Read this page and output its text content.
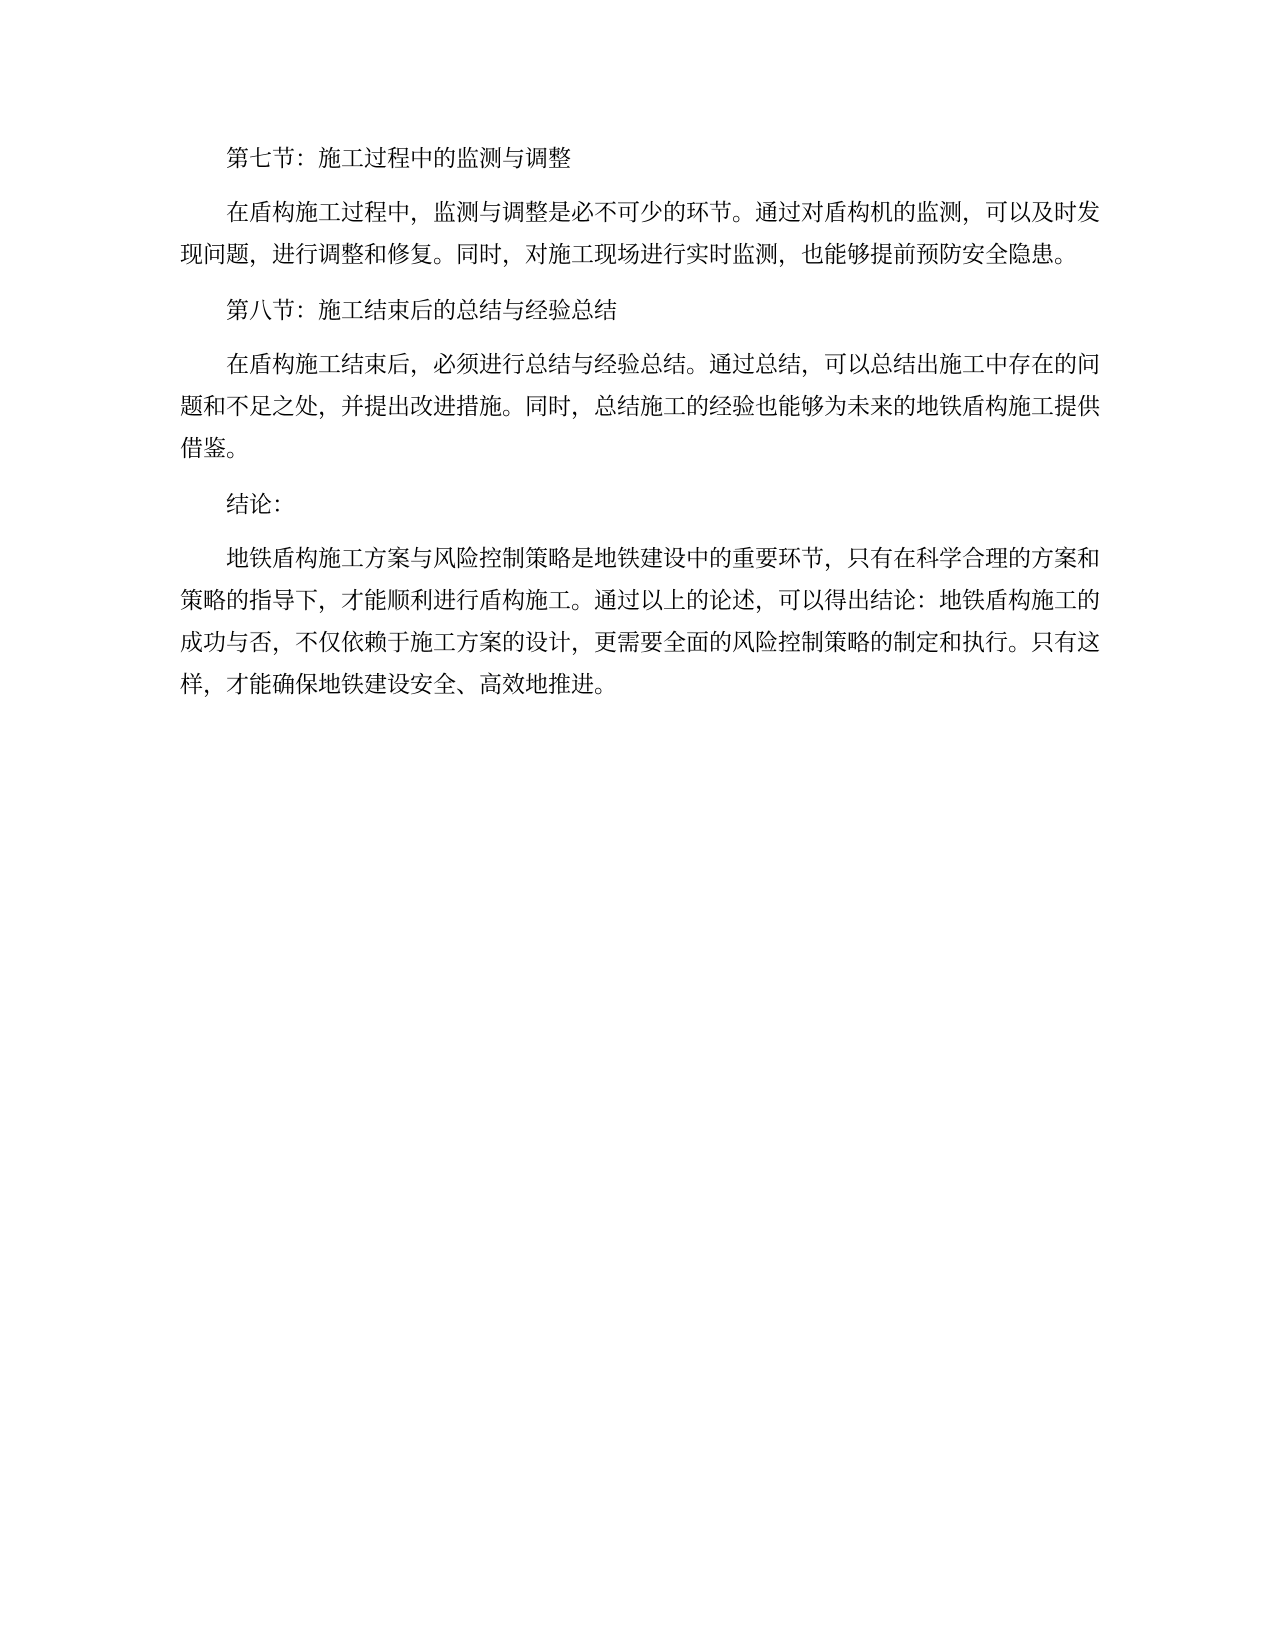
第七节：施工过程中的监测与调整

在盾构施工过程中，监测与调整是必不可少的环节。通过对盾构机的监测，可以及时发现问题，进行调整和修复。同时，对施工现场进行实时监测，也能够提前预防安全隐患。

第八节：施工结束后的总结与经验总结

在盾构施工结束后，必须进行总结与经验总结。通过总结，可以总结出施工中存在的问题和不足之处，并提出改进措施。同时，总结施工的经验也能够为未来的地铁盾构施工提供借鉴。

结论：

地铁盾构施工方案与风险控制策略是地铁建设中的重要环节，只有在科学合理的方案和策略的指导下，才能顺利进行盾构施工。通过以上的论述，可以得出结论：地铁盾构施工的成功与否，不仅依赖于施工方案的设计，更需要全面的风险控制策略的制定和执行。只有这样，才能确保地铁建设安全、高效地推进。
